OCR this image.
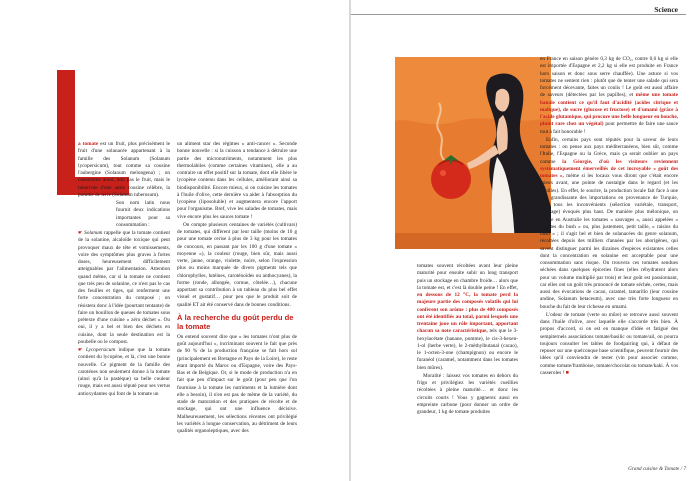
a tomate est un fruit, plus précisément le fruit d'une solanacée appartenant à la famille des Solanum (Solanum lycopersicum), tout comme sa cousine l'aubergine (Solanum melongena) ; on consomme aussi, non pas le fruit, mais le tubercule d'une autre cousine célèbre, la pomme de terre (Solanum tuberosum).

Son nom latin nous fournit deux indications importantes pour sa consommation :

☛ Solanum rappelle que la tomate contient de la solanine, alcaloïde toxique qui peut provoquer maux de tête et vomissements, voire des symptômes plus graves à fortes doses, heureusement difficilement atteignables par l'alimentation. Attention quand même, car si la tomate ne contient que très peu de solanine, ce n'est pas le cas des feuilles et tiges, qui renferment une forte concentration du composé ; on résistera donc à l'idée (pourtant tentante) de faire un bouillon de queues de tomates sous prétexte d'une cuisine « zéro déchet ». Ou oui, il y a bel et bien des déchets en cuisine, dont la seule destination est la poubelle ou le compost.

☛ Lycopersicum indique que la tomate contient du lycopène, et là, c'est une bonne nouvelle. Ce pigment de la famille des caroténes non seulement donne à la tomate (ainsi qu'à la pastèque) sa belle couleur rouge, mais est aussi réputé pour ses vertus antioxydantes qui font de la tomate un

un aliment star des régimes « anti-cancer ». Seconde bonne nouvelle : si la cuisson a tendance à détruire une partie des micronutriments, notamment les plus thermolabiles (comme certaines vitamines), elle a au contraire un effet positif sur la tomate, dont elle libère le lycopène contenu dans les cellules, améliorant ainsi sa biodisponibilité. Encore mieux, si on cuisine les tomates à l'huile d'olive, cette dernière va aider à l'absorption du lycopène (liposoluble) et augmentera encore l'apport pour l'organisme. Bref, vive les salades de tomates, mais vive encore plus les sauces tomate !

On compte plusieurs centaines de variétés (cultivars) de tomates, qui diffèrent par leur taille (moins de 10 g pour une tomate cerise à plus de 3 kg pour les tomates de concours, en passant par les 100 g d'une tomate « moyenne »), la couleur (rouge, bien sûr, mais aussi verte, jaune, orange, violette, noire, selon l'expression plus ou moins marquée de divers pigments tels que chlorophylles, lutéines, caroténoïdes ou anthocyanes), la forme (ronde, allongée, cornue, côtelée…), chacune apportant sa contribution à un tableau du plus bel effet visuel et gustatif… pour peu que le produit soit de qualité ET ait été conservé dans de bonnes conditions.

À la recherche du goût perdu de la tomate

On entend souvent dire que « les tomates n'ont plus de goût aujourd'hui », incriminant souvent le fait que près de 90 % de la production française se fait hors sol (principalement en Bretagne et Pays de la Loire), le reste étant importé du Maroc ou d'Espagne, voire des Pays-Bas et de Belgique. Or, si le mode de production n'a en fait que peu d'impact sur le goût (pour peu que l'on fournisse à la tomate les nutriments et la lumière dont elle a besoin), il n'en est pas de même de la variété, du stade de maturation et des pratiques de récolte et de stockage, qui ont une influence décisive. Malheureusement, les sélections récentes ont privilégié les variétés à longue conservation, au détriment de leurs qualités organoleptiques, avec des

Science

tomates souvent récoltées avant leur pleine maturité pour ensuite subir un long transport puis un stockage en chambre froide… alors que la tomate est, et c'est là double peine ! En effet, en dessous de 12 °C, la tomate perd la majeure partie des composés volatils qui lui confèrent son arôme : plus de 400 composés ont été identifiés au total, parmi lesquels une trentaine joue un rôle important, apportant chacun sa note caractéristique, tels que le 3-hexylacétate (banane, pomme), le cis-3-hexen-1-ol (herbe verte), le 2-méthylbutanal (cacao), le 1-octen-3-one (champignon) ou encore le furanéol (caramel, notamment dans les tomates bien mûres).

Moralité : laissez vos tomates en dehors du frigo et privilégiez les variétés cueillies récoltées à pleine maturité… et donc les circuits courts ! Vous y gagnerez aussi en empreinte carbone (pour donner un ordre de grandeur, 1 kg de tomate produites

en France en saison génère 0,3 kg de CO₂, contre 0,6 kg si elle est importée d'Espagne et 2,2 kg si elle est produite en France hors saison et donc sous serre chauffée). Une astuce si vos tomates ne sentent rien : plutôt que de tenter une salade qui sera forcément décevante, faites un coulis ! Le goût est aussi affaire de saveurs (détectées par les papilles), et même une tomate banale contient ce qu'il faut d'acidité (acides citrique et malique), de sucre (glucose et fructose) et d'umami (grâce à l'acide glutamique, qui procure une belle longueur en bouche, plutôt rare chez un végétal) pour permettre de faire une sauce tout à fait honorable !

Enfin, certains pays sont réputés pour la saveur de leurs tomates : on pense aux pays méditerranéens, bien sûr, comme l'Italie, l'Espagne ou la Grèce, mais ça serait oublier un pays comme la Géorgie, d'où les visiteurs reviennent systématiquement émerveillés de cet incroyable « goût des tomates », même si les locaux vous diront que c'était encore mieux avant, une pointe de nostalgie dans le regard (et les papilles). En effet, le sourire, la production locale fait face à une part grandissante des importations en provenance de Turquie, avec tous les inconvénients (sélection variétale, transport, stockage) évoqués plus haut. De manière plus mélonique, on trouve en Australie les tomates « sauvages », aussi appelées « tomates du bush » ou, plus justement, petit taille, « raisins du bush » ; il s'agit bel et bien de solanacées du genre solanum, récoltées depuis des milliers d'années par les aborigènes, qui savent distinguer parmi les dizaines d'espèces existantes celles dont la concentration en solanine est acceptable pour une consommation sans risque. On trouvera ces tomates sendues séchées dans quelques épiceries fines (elles réhydratent alors pour un volume multiplié par trois) et leur goût est passionnant, car elles ont un goût très prononcé de tomate séchée, certes, mais aussi des évocations de cacao, caramel, tamarillo (leur cousine andine, Solanum betaceum), avec une très forte longueur en bouche du fait de leur richesse en umami.

L'odeur de tomate (verte ou mûre) se retrouve aussi souvent dans l'huile d'olive, avec laquelle elle s'accorde très bien. À propos d'accord, si on est en manque d'idée et fatigué des sempiternels associations tomate/basilic ou tomate/ail, on pourra toujours consulter les tables de foodpairing qui, à défaut de reposer sur une quelconque base scientifique, peuvent fournir des idées qu'il conviendra de tester (vin pour associer comme, comme tomate/framboise, tomate/chocolat ou tomate/kaki. À vos casseroles ! ■

Grand cuisine & Tomate / 7
